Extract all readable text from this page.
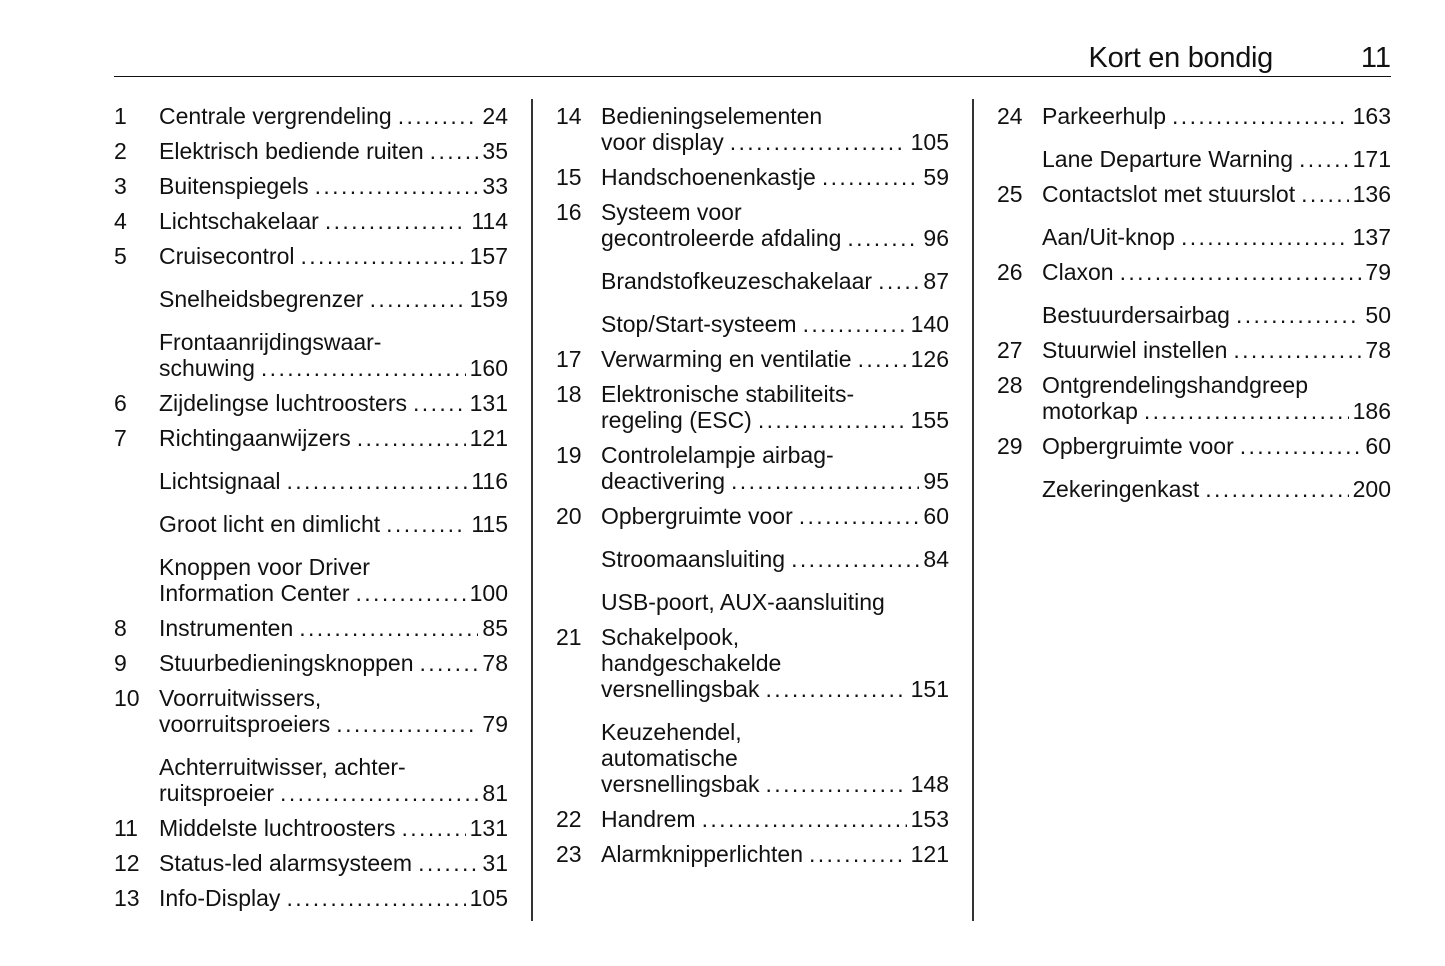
Kort en bondig	11
1	Centrale vergrendeling . . .	24
2	Elektrisch bediende ruiten . . .	35
3	Buitenspiegels . . .	33
4	Lichtschakelaar . . .	114
5	Cruisecontrol . . .	157
Snelheidsbegrenzer . . .	159
Frontaanrijdingswaar-
schuwing . . .	160
6	Zijdelingse luchtroosters . . .	131
7	Richtingaanwijzers . . .	121
Lichtsignaal . . .	116
Groot licht en dimlicht . . .	115
Knoppen voor Driver
Information Center . . .	100
8	Instrumenten . . .	85
9	Stuurbedieningsknoppen . . .	78
10 Voorruitwissers,
voorruitsproeiers . . .	79
Achterruitwisser, achter-
ruitsproeier . . .	81
11 Middelste luchtroosters . . .	131
12 Status-led alarmsysteem . . .	31
13 Info-Display . . .	105
14 Bedieningselementen
voor display . . .	105
15 Handschoenenkastje . . .	59
16 Systeem voor
gecontroleerde afdaling . . .	96
Brandstofkeuzeschakelaar . . . 87
Stop/Start-systeem . . .	140
17 Verwarming en ventilatie . . .	126
18 Elektronische stabiliteits-
regeling (ESC) . . .	155
19 Controlelampje airbag-
deactivering . . .	95
20 Opbergruimte voor . . .	60
Stroomaansluiting . . .	84
USB-poort, AUX-aansluiting
21 Schakelpook,
handgeschakelde
versnellingsbak . . .	151
Keuzehendel,
automatische
versnellingsbak . . .	148
22 Handrem . . .	153
23 Alarmknipperlichten . . .	121
24 Parkeerhulp . . .	163
Lane Departure Warning . . .	171
25 Contactslot met stuurslot . . .	136
Aan/Uit-knop . . .	137
26 Claxon . . .	79
Bestuurdersairbag . . .	50
27 Stuurwiel instellen . . .	78
28 Ontgrendelingshandgreep
motorkap . . .	186
29 Opbergruimte voor . . .	60
Zekeringenkast . . .	200
